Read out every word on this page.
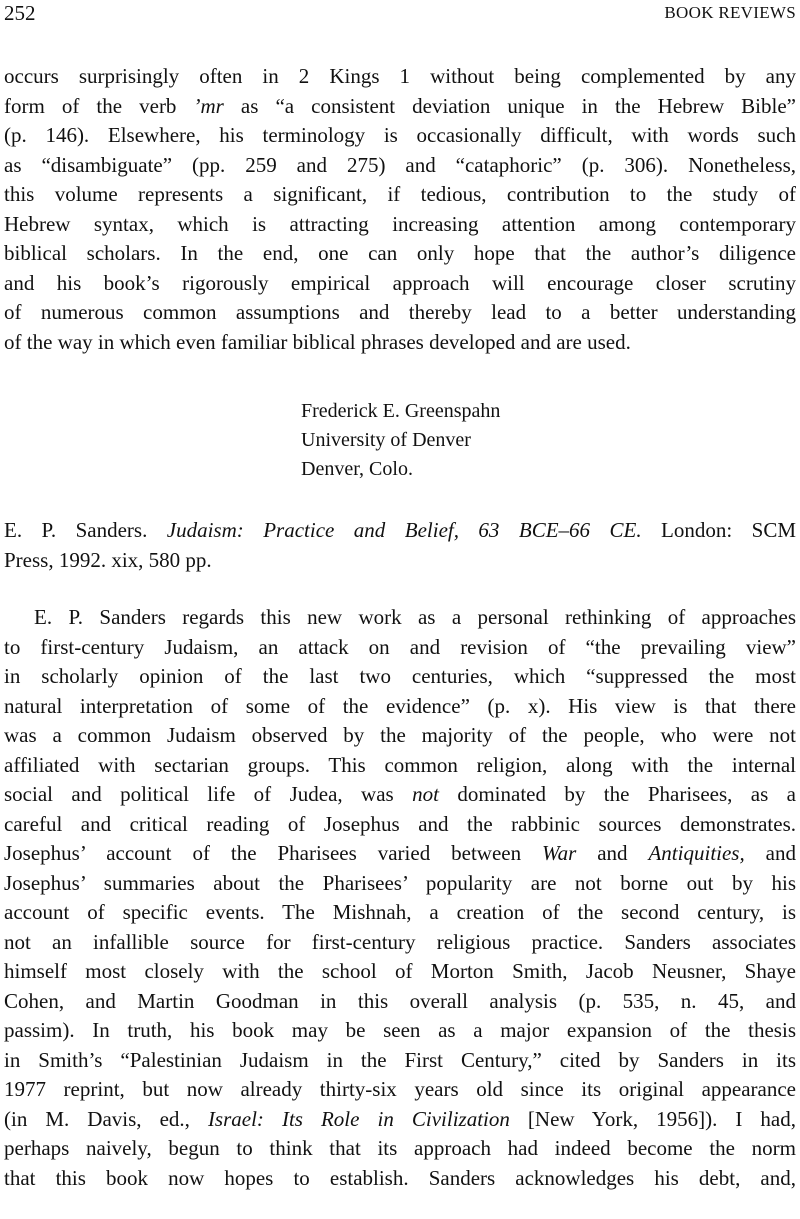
252	BOOK REVIEWS
occurs surprisingly often in 2 Kings 1 without being complemented by any
form of the verb ’mr as “a consistent deviation unique in the Hebrew Bible”
(p. 146). Elsewhere, his terminology is occasionally difficult, with words such
as “disambiguate” (pp. 259 and 275) and “cataphoric” (p. 306). Nonetheless,
this volume represents a significant, if tedious, contribution to the study of
Hebrew syntax, which is attracting increasing attention among contemporary
biblical scholars. In the end, one can only hope that the author’s diligence
and his book’s rigorously empirical approach will encourage closer scrutiny
of numerous common assumptions and thereby lead to a better understanding
of the way in which even familiar biblical phrases developed and are used.
Frederick E. Greenspahn
University of Denver
Denver, Colo.
E. P. Sanders. Judaism: Practice and Belief, 63 BCE–66 CE. London: SCM
Press, 1992. xix, 580 pp.
E. P. Sanders regards this new work as a personal rethinking of approaches
to first-century Judaism, an attack on and revision of “the prevailing view”
in scholarly opinion of the last two centuries, which “suppressed the most
natural interpretation of some of the evidence” (p. x). His view is that there
was a common Judaism observed by the majority of the people, who were not
affiliated with sectarian groups. This common religion, along with the internal
social and political life of Judea, was not dominated by the Pharisees, as a
careful and critical reading of Josephus and the rabbinic sources demonstrates.
Josephus’ account of the Pharisees varied between War and Antiquities, and
Josephus’ summaries about the Pharisees’ popularity are not borne out by his
account of specific events. The Mishnah, a creation of the second century, is
not an infallible source for first-century religious practice. Sanders associates
himself most closely with the school of Morton Smith, Jacob Neusner, Shaye
Cohen, and Martin Goodman in this overall analysis (p. 535, n. 45, and
passim). In truth, his book may be seen as a major expansion of the thesis
in Smith’s “Palestinian Judaism in the First Century,” cited by Sanders in its
1977 reprint, but now already thirty-six years old since its original appearance
(in M. Davis, ed., Israel: Its Role in Civilization [New York, 1956]). I had,
perhaps naively, begun to think that its approach had indeed become the norm
that this book now hopes to establish. Sanders acknowledges his debt, and,
